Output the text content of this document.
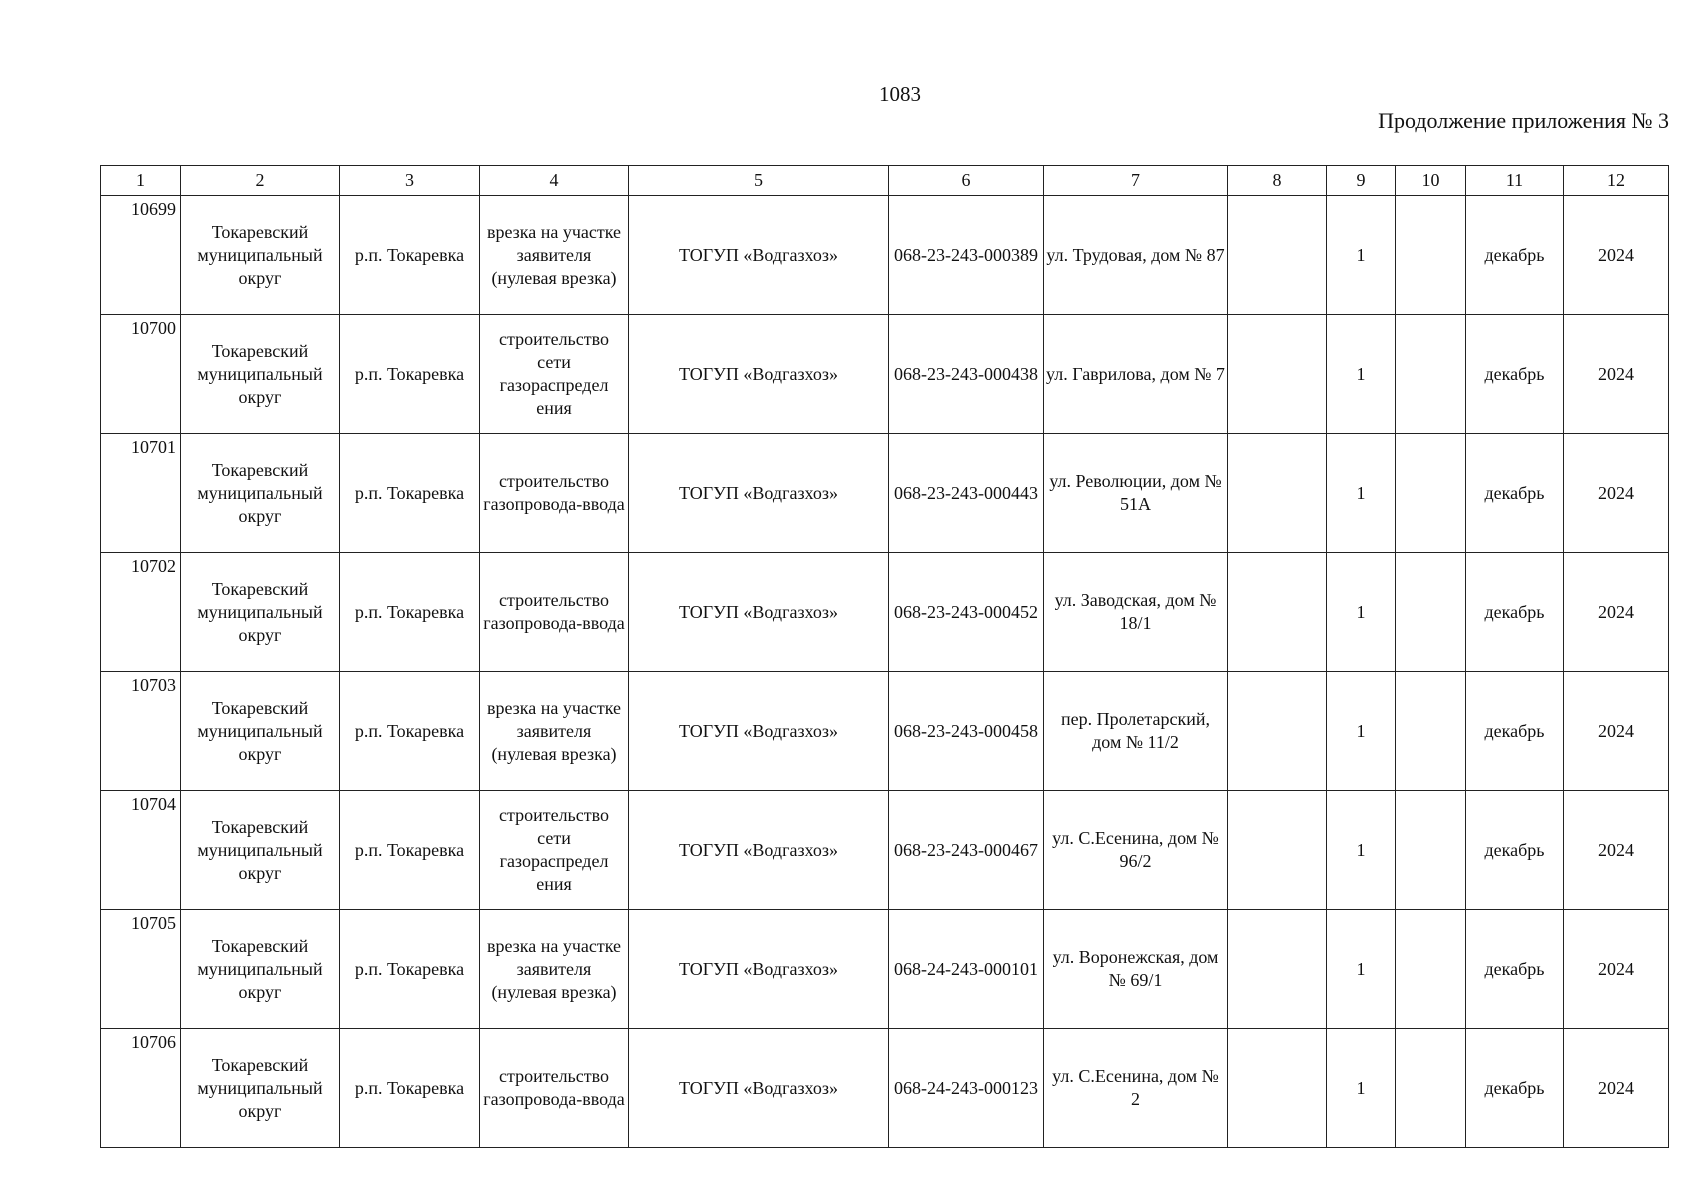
1083
Продолжение приложения № 3
1	2	3	4	5	6	7	8	9	10	11	12
10699	Токаревский муниципальный округ	р.п. Токаревка	врезка на участке заявителя (нулевая врезка)	ТОГУП «Водгазхоз»	068-23-243-000389	ул. Трудовая, дом № 87		1		декабрь	2024
10700	Токаревский муниципальный округ	р.п. Токаревка	строительство сети газораспредел ения	ТОГУП «Водгазхоз»	068-23-243-000438	ул. Гаврилова, дом № 7		1		декабрь	2024
10701	Токаревский муниципальный округ	р.п. Токаревка	строительство газопровода-ввода	ТОГУП «Водгазхоз»	068-23-243-000443	ул. Революции, дом № 51А		1		декабрь	2024
10702	Токаревский муниципальный округ	р.п. Токаревка	строительство газопровода-ввода	ТОГУП «Водгазхоз»	068-23-243-000452	ул. Заводская, дом № 18/1		1		декабрь	2024
10703	Токаревский муниципальный округ	р.п. Токаревка	врезка на участке заявителя (нулевая врезка)	ТОГУП «Водгазхоз»	068-23-243-000458	пер. Пролетарский, дом № 11/2		1		декабрь	2024
10704	Токаревский муниципальный округ	р.п. Токаревка	строительство сети газораспредел ения	ТОГУП «Водгазхоз»	068-23-243-000467	ул. С.Есенина, дом № 96/2		1		декабрь	2024
10705	Токаревский муниципальный округ	р.п. Токаревка	врезка на участке заявителя (нулевая врезка)	ТОГУП «Водгазхоз»	068-24-243-000101	ул. Воронежская, дом № 69/1		1		декабрь	2024
10706	Токаревский муниципальный округ	р.п. Токаревка	строительство газопровода-ввода	ТОГУП «Водгазхоз»	068-24-243-000123	ул. С.Есенина, дом № 2		1		декабрь	2024
